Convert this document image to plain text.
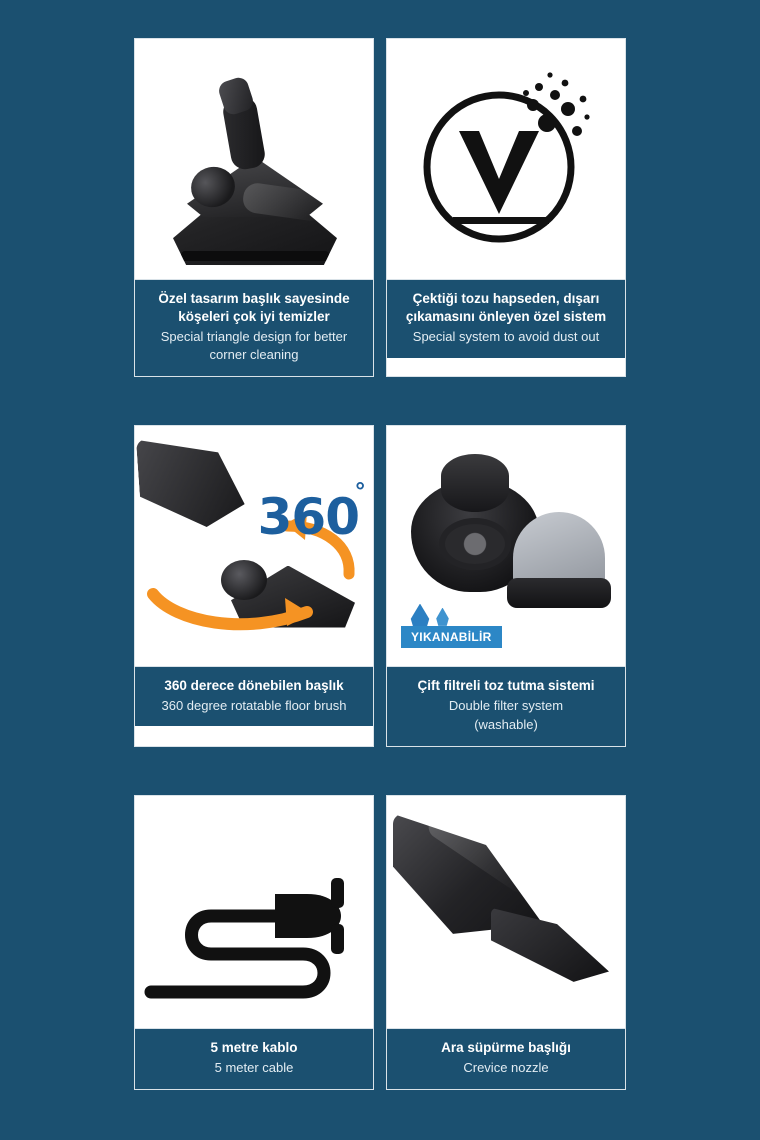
Özel tasarım başlık sayesinde köşeleri çok iyi temizler
Special triangle design for better corner cleaning
Çektiği tozu hapseden, dışarı çıkamasını önleyen özel sistem
Special system to avoid dust out
360
°
360 derece dönebilen başlık
360 degree rotatable floor brush
YIKANABİLİR
Çift filtreli toz tutma sistemi
Double filter system
(washable)
5 metre kablo
5 meter cable
Ara süpürme başlığı
Crevice nozzle
